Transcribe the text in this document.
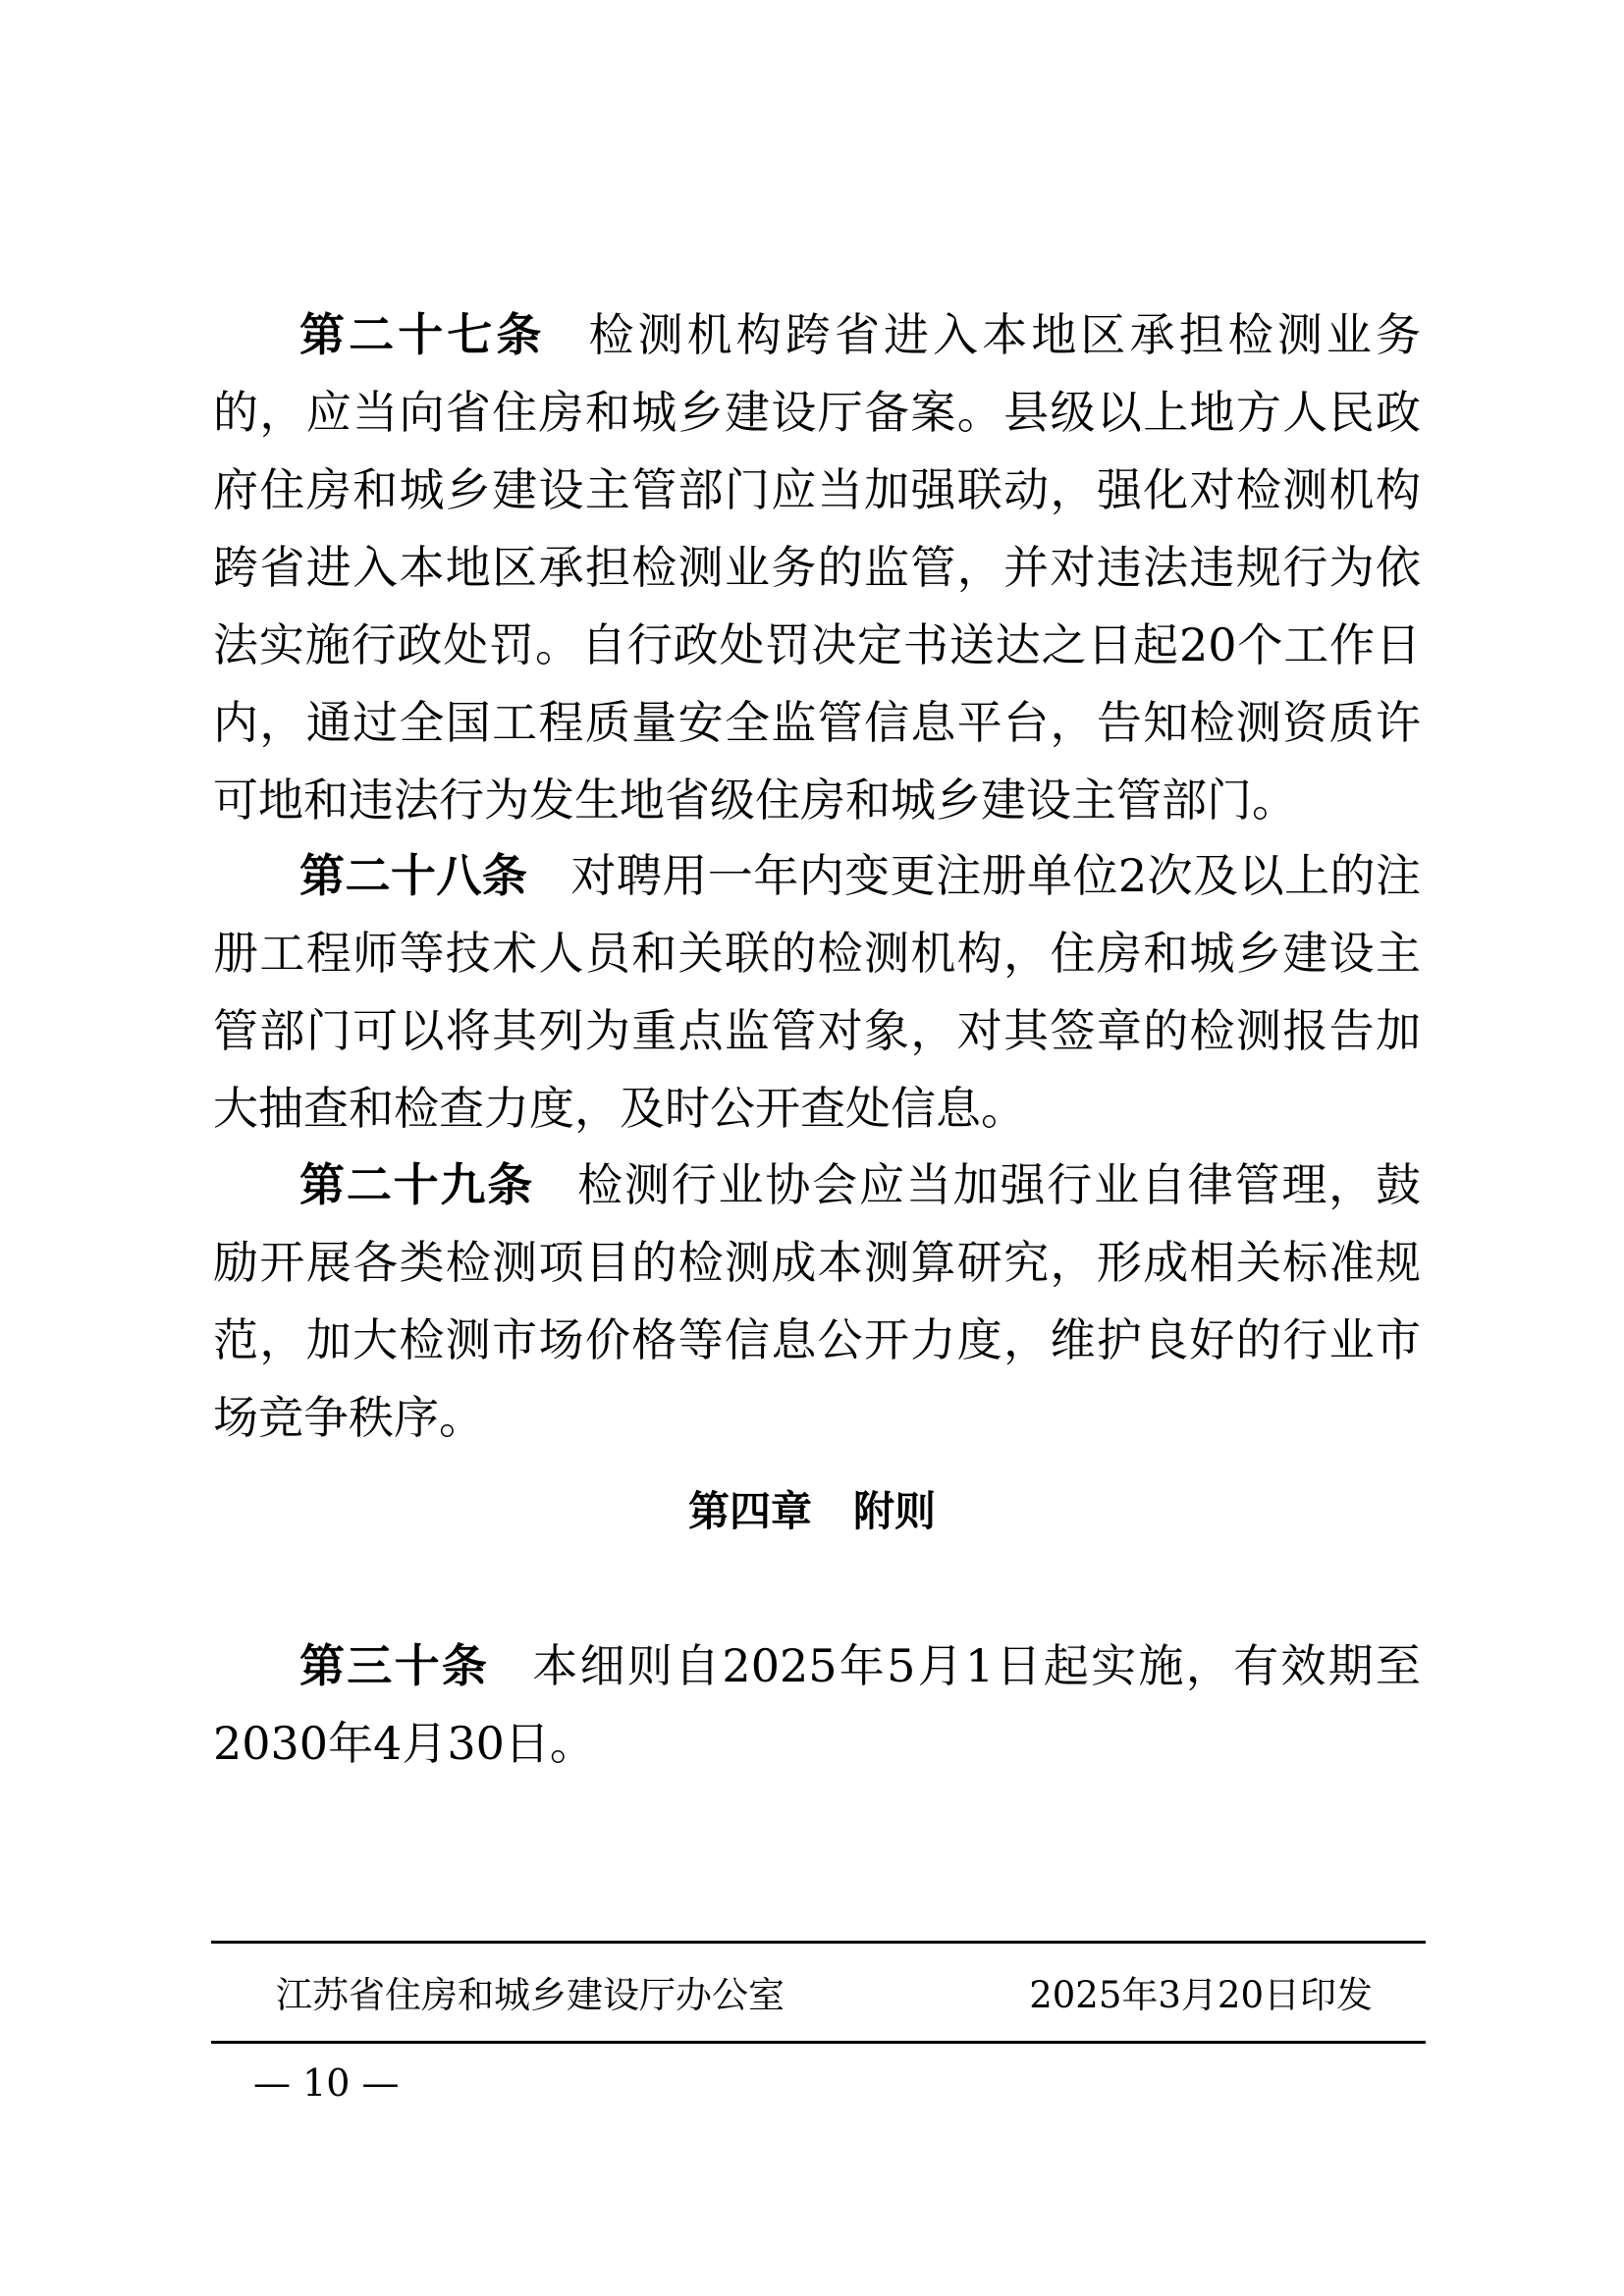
第二十七条 检测机构跨省进入本地区承担检测业务的，应当向省住房和城乡建设厅备案。县级以上地方人民政府住房和城乡建设主管部门应当加强联动，强化对检测机构跨省进入本地区承担检测业务的监管，并对违法违规行为依法实施行政处罚。自行政处罚决定书送达之日起20个工作日内，通过全国工程质量安全监管信息平台，告知检测资质许可地和违法行为发生地省级住房和城乡建设主管部门。

第二十八条 对聘用一年内变更注册单位2次及以上的注册工程师等技术人员和关联的检测机构，住房和城乡建设主管部门可以将其列为重点监管对象，对其签章的检测报告加大抽查和检查力度，及时公开查处信息。

第二十九条 检测行业协会应当加强行业自律管理，鼓励开展各类检测项目的检测成本测算研究，形成相关标准规范，加大检测市场价格等信息公开力度，维护良好的行业市场竞争秩序。

第四章　附则

第三十条 本细则自2025年5月1日起实施，有效期至2030年4月30日。

江苏省住房和城乡建设厅办公室	2025年3月20日印发
— 10 —
